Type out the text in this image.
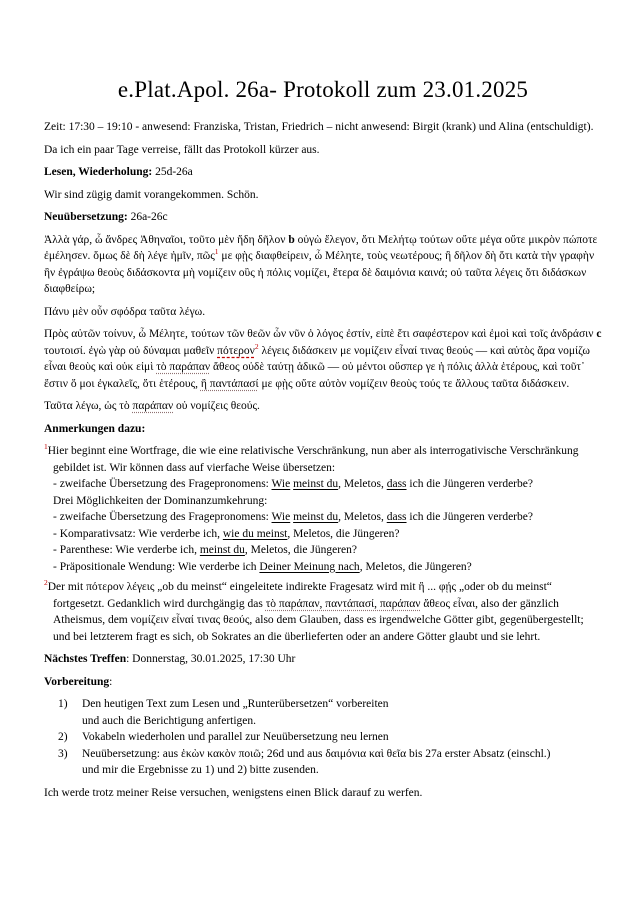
e.Plat.Apol. 26a- Protokoll zum 23.01.2025

Zeit: 17:30 – 19:10 - anwesend: Franziska, Tristan, Friedrich – nicht anwesend: Birgit (krank) und Alina (entschuldigt).

Da ich ein paar Tage verreise, fällt das Protokoll kürzer aus.

Lesen, Wiederholung: 25d-26a

Wir sind zügig damit vorangekommen. Schön.

Neuübersetzung: 26a-26c

Ἀλλὰ γάρ, ὦ ἄνδρες Ἀθηναῖοι, τοῦτο μὲν ἤδη δῆλον b οὑγὼ ἔλεγον, ὅτι Μελήτῳ τούτων οὔτε μέγα οὔτε μικρὸν πώποτε ἐμέλησεν. ὅμως δὲ δὴ λέγε ἡμῖν, πῶς$^1$ με φῂς διαφθείρειν, ὦ Μέλητε, τοὺς νεωτέρους; ἢ δῆλον δὴ ὅτι κατὰ τὴν γραφὴν ἣν ἐγράψω θεοὺς διδάσκοντα μὴ νομίζειν οὓς ἡ πόλις νομίζει, ἕτερα δὲ δαιμόνια καινά; οὐ ταῦτα λέγεις ὅτι διδάσκων διαφθείρω;

Πάνυ μὲν οὖν σφόδρα ταῦτα λέγω.

Πρὸς αὐτῶν τοίνυν, ὦ Μέλητε, τούτων τῶν θεῶν ὧν νῦν ὁ λόγος ἐστίν, εἰπὲ ἔτι σαφέστερον καὶ ἐμοὶ καὶ τοῖς ἀνδράσιν c τουτοισί. ἐγὼ γὰρ οὐ δύναμαι μαθεῖν πότερον$^2$ λέγεις διδάσκειν με νομίζειν εἶναί τινας θεούς — καὶ αὐτὸς ἄρα νομίζω εἶναι θεοὺς καὶ οὐκ εἰμὶ τὸ παράπαν ἄθεος οὐδὲ ταύτῃ ἀδικῶ — οὐ μέντοι οὕσπερ γε ἡ πόλις ἀλλὰ ἑτέρους, καὶ τοῦτ᾽ ἔστιν ὅ μοι ἐγκαλεῖς, ὅτι ἑτέρους, ἢ παντάπασί με φῂς οὔτε αὐτὸν νομίζειν θεοὺς τούς τε ἄλλους ταῦτα διδάσκειν.

Ταῦτα λέγω, ὡς τὸ παράπαν οὐ νομίζεις θεούς.

Anmerkungen dazu:

$^1$Hier beginnt eine Wortfrage, die wie eine relativische Verschränkung, nun aber als interrogativische Verschränkung gebildet ist. Wir können dass auf vierfache Weise übersetzen:

- zweifache Übersetzung des Fragepronomens: Wie meinst du, Meletos, dass ich die Jüngeren verderbe?

Drei Möglichkeiten der Dominanzumkehrung:

- zweifache Übersetzung des Fragepronomens: Wie meinst du, Meletos, dass ich die Jüngeren verderbe?

- Komparativsatz: Wie verderbe ich, wie du meinst, Meletos, die Jüngeren?

- Parenthese: Wie verderbe ich, meinst du, Meletos, die Jüngeren?

- Präpositionale Wendung: Wie verderbe ich Deiner Meinung nach, Meletos, die Jüngeren?

$^2$Der mit πότερον λέγεις „ob du meinst“ eingeleitete indirekte Fragesatz wird mit ἢ ... φῄς „oder ob du meinst“ fortgesetzt. Gedanklich wird durchgängig das τὸ παράπαν, παντάπασί, παράπαν ἄθεος εἶναι, also der gänzlich Atheismus, dem νομίζειν εἶναί τινας θεούς, also dem Glauben, dass es irgendwelche Götter gibt, gegenübergestellt; und bei letzterem fragt es sich, ob Sokrates an die überlieferten oder an andere Götter glaubt und sie lehrt.

Nächstes Treffen: Donnerstag, 30.01.2025, 17:30 Uhr

Vorbereitung:

1)	Den heutigen Text zum Lesen und „Runterübersetzen“ vorbereiten
und auch die Berichtigung anfertigen.

2)	Vokabeln wiederholen und parallel zur Neuübersetzung neu lernen

3)	Neuübersetzung: aus ἑκὼν κακὸν ποιῶ; 26d und aus δαιμόνια καὶ θεῖα bis 27a erster Absatz (einschl.)
und mir die Ergebnisse zu 1) und 2) bitte zusenden.

Ich werde trotz meiner Reise versuchen, wenigstens einen Blick darauf zu werfen.
